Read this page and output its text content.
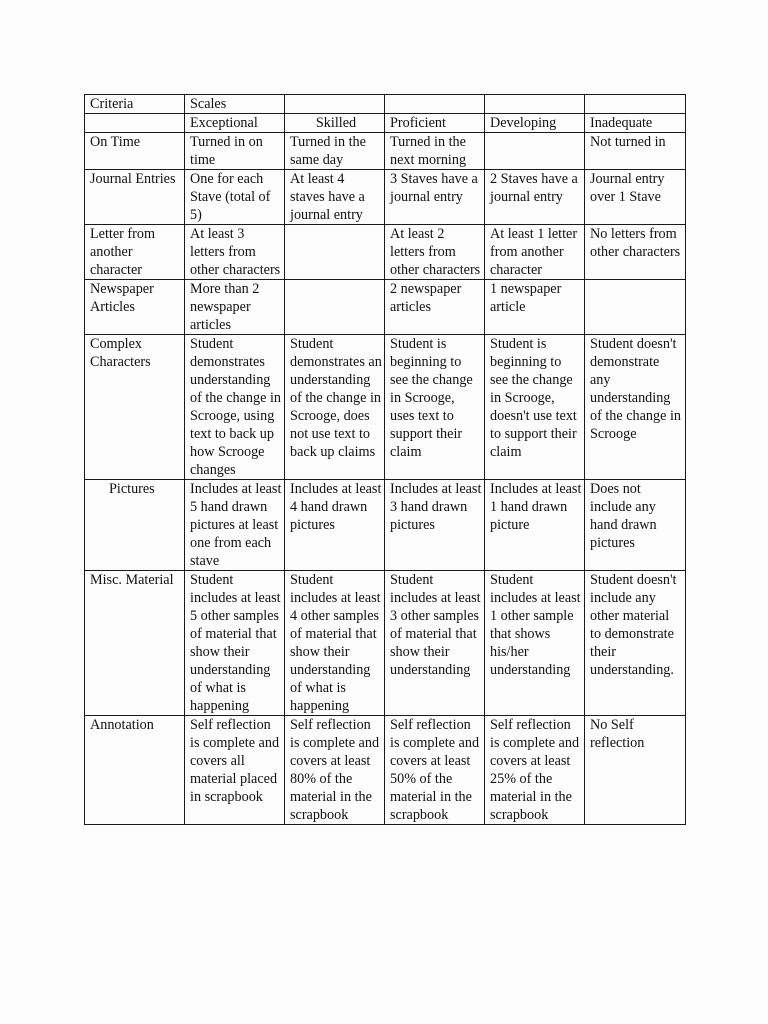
Criteria	Scales				
	Exceptional	Skilled	Proficient	Developing	Inadequate
On Time	Turned in on time	Turned in the same day	Turned in the next morning		Not turned in
Journal Entries	One for each Stave (total of 5)	At least 4 staves have a journal entry	3 Staves have a journal entry	2 Staves have a journal entry	Journal entry over 1 Stave
Letter from another character	At least 3 letters from other characters		At least 2 letters from other characters	At least 1 letter from another character	No letters from other characters
Newspaper Articles	More than 2 newspaper articles		2 newspaper articles	1 newspaper article	
Complex Characters	Student demonstrates understanding of the change in Scrooge, using text to back up how Scrooge changes	Student demonstrates an understanding of the change in Scrooge, does not use text to back up claims	Student is beginning to see the change in Scrooge, uses text to support their claim	Student is beginning to see the change in Scrooge, doesn't use text to support their claim	Student doesn't demonstrate any understanding of the change in Scrooge
Pictures	Includes at least 5 hand drawn pictures at least one from each stave	Includes at least 4 hand drawn pictures	Includes at least 3 hand drawn pictures	Includes at least 1 hand drawn picture	Does not include any hand drawn pictures
Misc. Material	Student includes at least 5 other samples of material that show their understanding of what is happening	Student includes at least 4 other samples of material that show their understanding of what is happening	Student includes at least 3 other samples of material that show their understanding	Student includes at least 1 other sample that shows his/her understanding	Student doesn't include any other material to demonstrate their understanding.
Annotation	Self reflection is complete and covers all material placed in scrapbook	Self reflection is complete and covers at least 80% of the material in the scrapbook	Self reflection is complete and covers at least 50% of the material in the scrapbook	Self reflection is complete and covers at least 25% of the material in the scrapbook	No Self reflection
